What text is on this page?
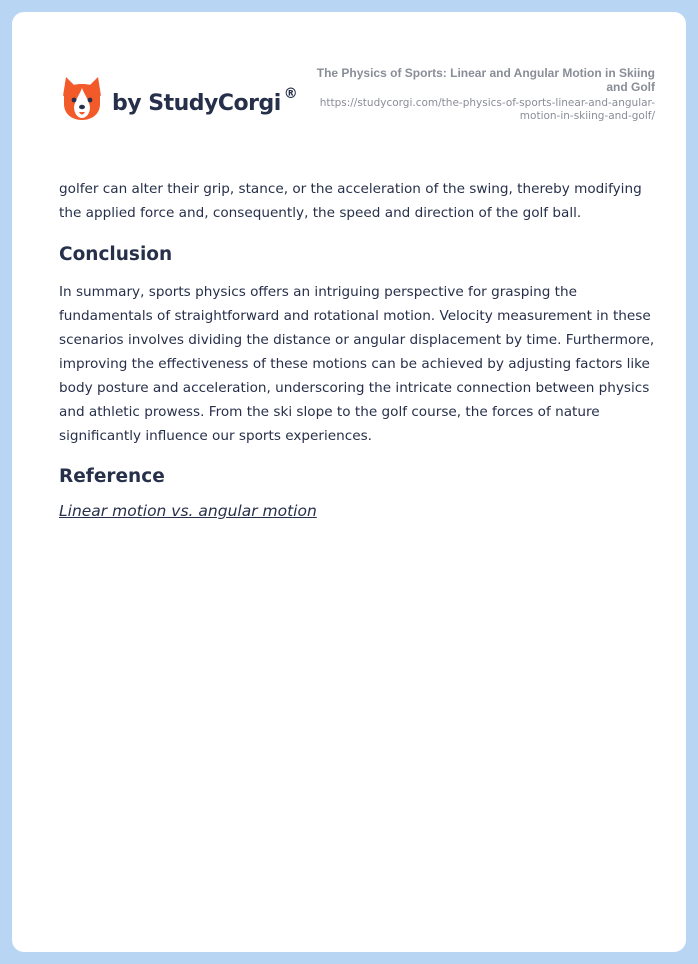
by StudyCorgi ®
The Physics of Sports: Linear and Angular Motion in Skiing and Golf
https://studycorgi.com/the-physics-of-sports-linear-and-angular-motion-in-skiing-and-golf/

golfer can alter their grip, stance, or the acceleration of the swing, thereby modifying the applied force and, consequently, the speed and direction of the golf ball.

Conclusion

In summary, sports physics offers an intriguing perspective for grasping the fundamentals of straightforward and rotational motion. Velocity measurement in these scenarios involves dividing the distance or angular displacement by time. Furthermore, improving the effectiveness of these motions can be achieved by adjusting factors like body posture and acceleration, underscoring the intricate connection between physics and athletic prowess. From the ski slope to the golf course, the forces of nature significantly influence our sports experiences.

Reference
Linear motion vs. angular motion
